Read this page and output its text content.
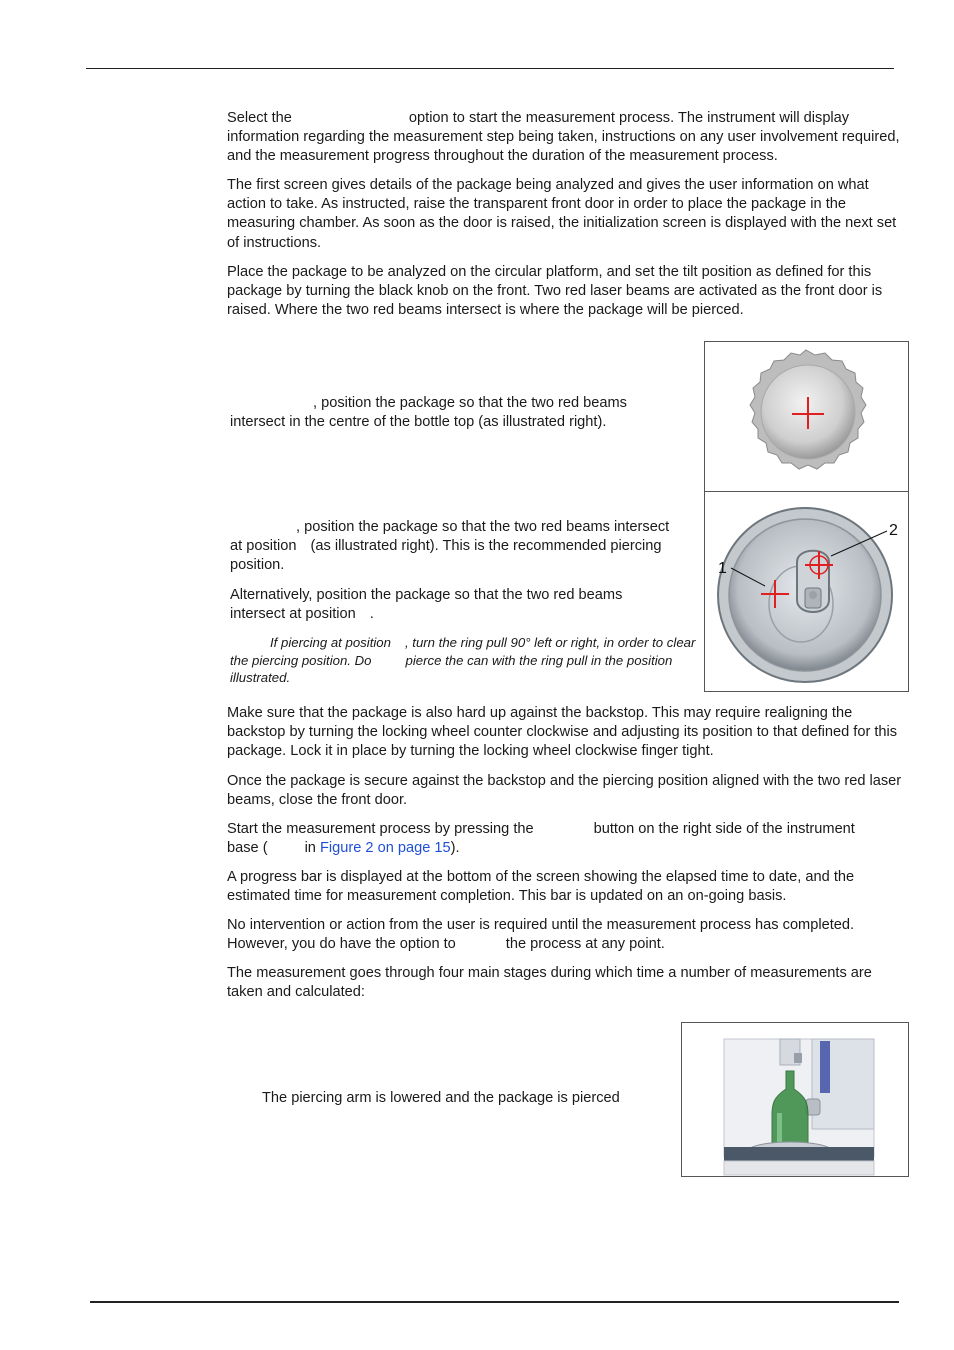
Select the	option to start the measurement process. The instrument will display information regarding the measurement step being taken, instructions on any user involvement required, and the measurement progress throughout the duration of the measurement process.

The first screen gives details of the package being analyzed and gives the user information on what action to take. As instructed, raise the transparent front door in order to place the package in the measuring chamber. As soon as the door is raised, the initialization screen is displayed with the next set of instructions.

Place the package to be analyzed on the circular platform, and set the tilt position as defined for this package by turning the black knob on the front. Two red laser beams are activated as the front door is raised. Where the two red beams intersect is where the package will be pierced.

, position the package so that the two red beams intersect in the centre of the bottle top (as illustrated right).

, position the package so that the two red beams intersect at position (as illustrated right). This is the recommended piercing position.

Alternatively, position the package so that the two red beams intersect at position .

If piercing at position , turn the ring pull 90° left or right, in order to clear the piercing position. Do	pierce the can with the ring pull in the position illustrated.

1
2

Make sure that the package is also hard up against the backstop. This may require realigning the backstop by turning the locking wheel counter clockwise and adjusting its position to that defined for this package. Lock it in place by turning the locking wheel clockwise finger tight.

Once the package is secure against the backstop and the piercing position aligned with the two red laser beams, close the front door.

Start the measurement process by pressing the	button on the right side of the instrument base (	in Figure 2 on page 15).

A progress bar is displayed at the bottom of the screen showing the elapsed time to date, and the estimated time for measurement completion. This bar is updated on an on-going basis.

No intervention or action from the user is required until the measurement process has completed. However, you do have the option to	the process at any point.

The measurement goes through four main stages during which time a number of measurements are taken and calculated:

The piercing arm is lowered and the package is pierced
